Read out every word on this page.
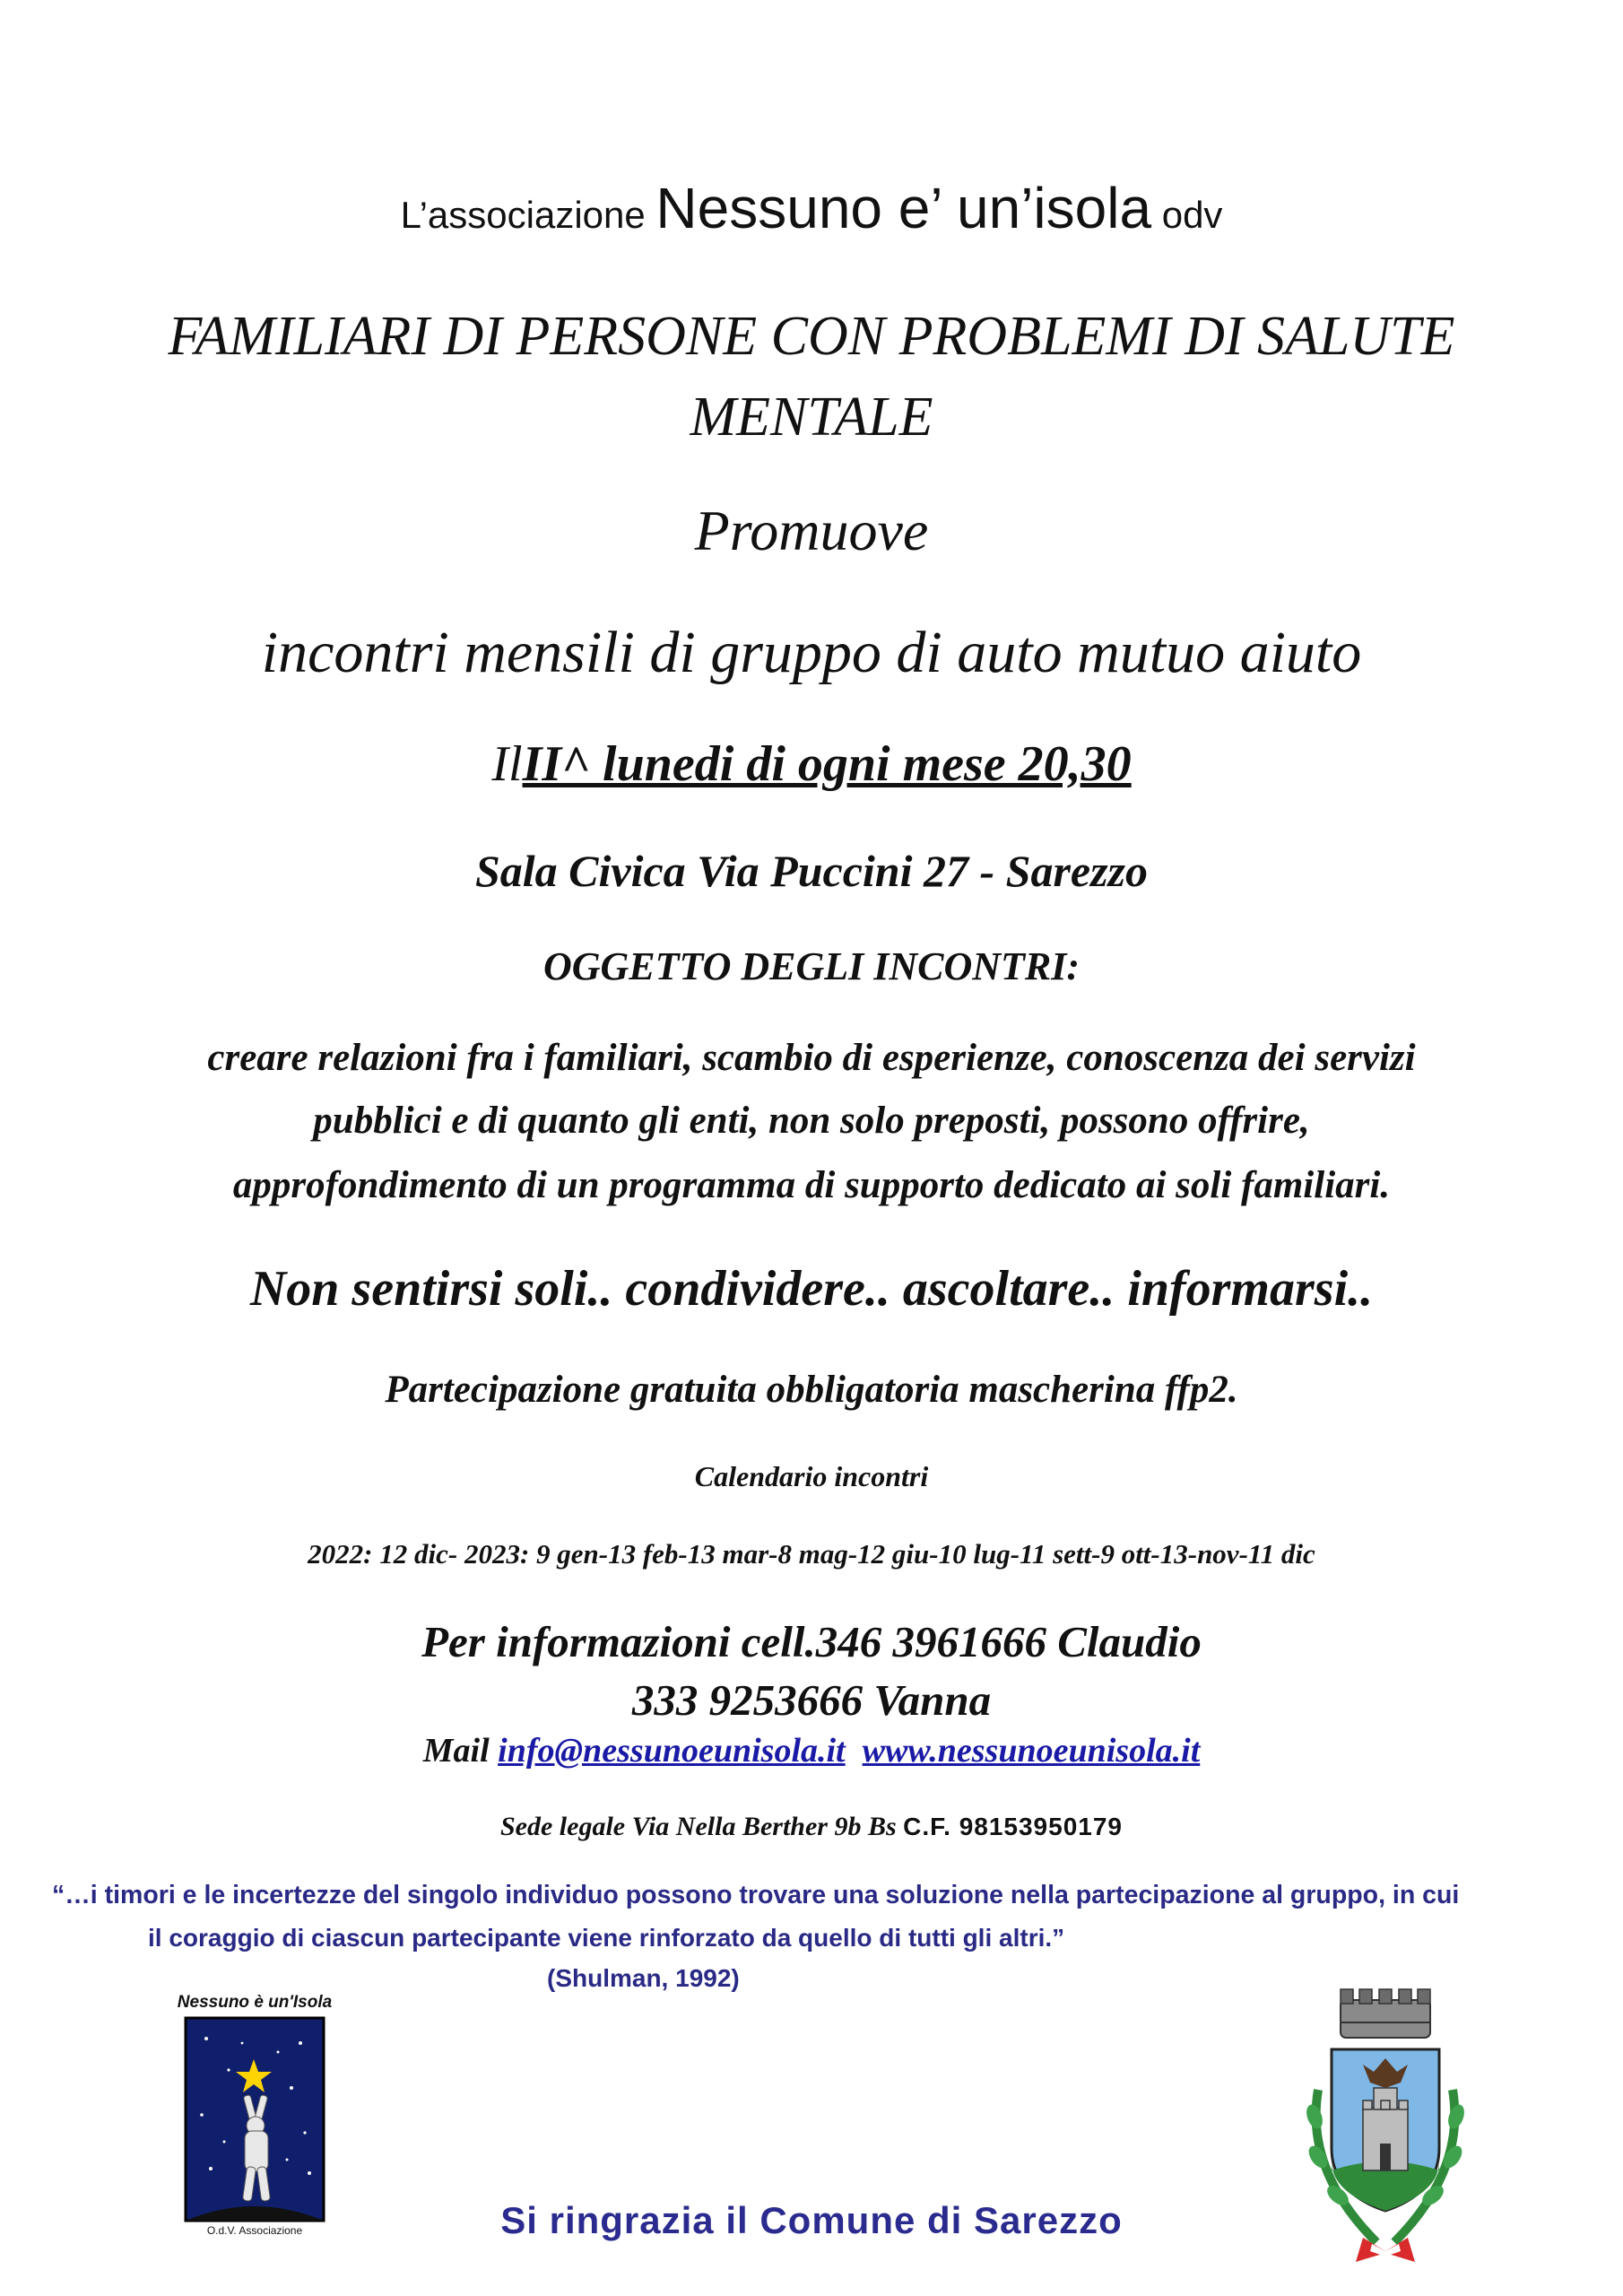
L’associazione Nessuno e’ un’isola odv
FAMILIARI DI PERSONE CON PROBLEMI DI SALUTE
MENTALE
Promuove
incontri mensili di gruppo di auto mutuo aiuto
IlII^ lunedi di ogni mese 20,30
Sala Civica Via Puccini 27 - Sarezzo
OGGETTO DEGLI INCONTRI:
creare relazioni fra i familiari, scambio di esperienze, conoscenza dei servizi
pubblici e di quanto gli enti, non solo preposti, possono offrire,
approfondimento di un programma di supporto dedicato ai soli familiari.
Non sentirsi soli.. condividere.. ascoltare.. informarsi..
Partecipazione gratuita obbligatoria mascherina ffp2.
Calendario incontri
2022: 12 dic- 2023: 9 gen-13 feb-13 mar-8 mag-12 giu-10 lug-11 sett-9 ott-13-nov-11 dic
Per informazioni cell.346 3961666 Claudio
333 9253666 Vanna
Mail info@nessunoeunisola.it www.nessunoeunisola.it
Sede legale Via Nella Berther 9b Bs C.F. 98153950179
“…i timori e le incertezze del singolo individuo possono trovare una soluzione nella partecipazione al gruppo, in cui
il coraggio di ciascun partecipante viene rinforzato da quello di tutti gli altri.”
(Shulman, 1992)
Nessuno è un'Isola
O.d.V. Associazione	Si ringrazia il Comune di Sarezzo
